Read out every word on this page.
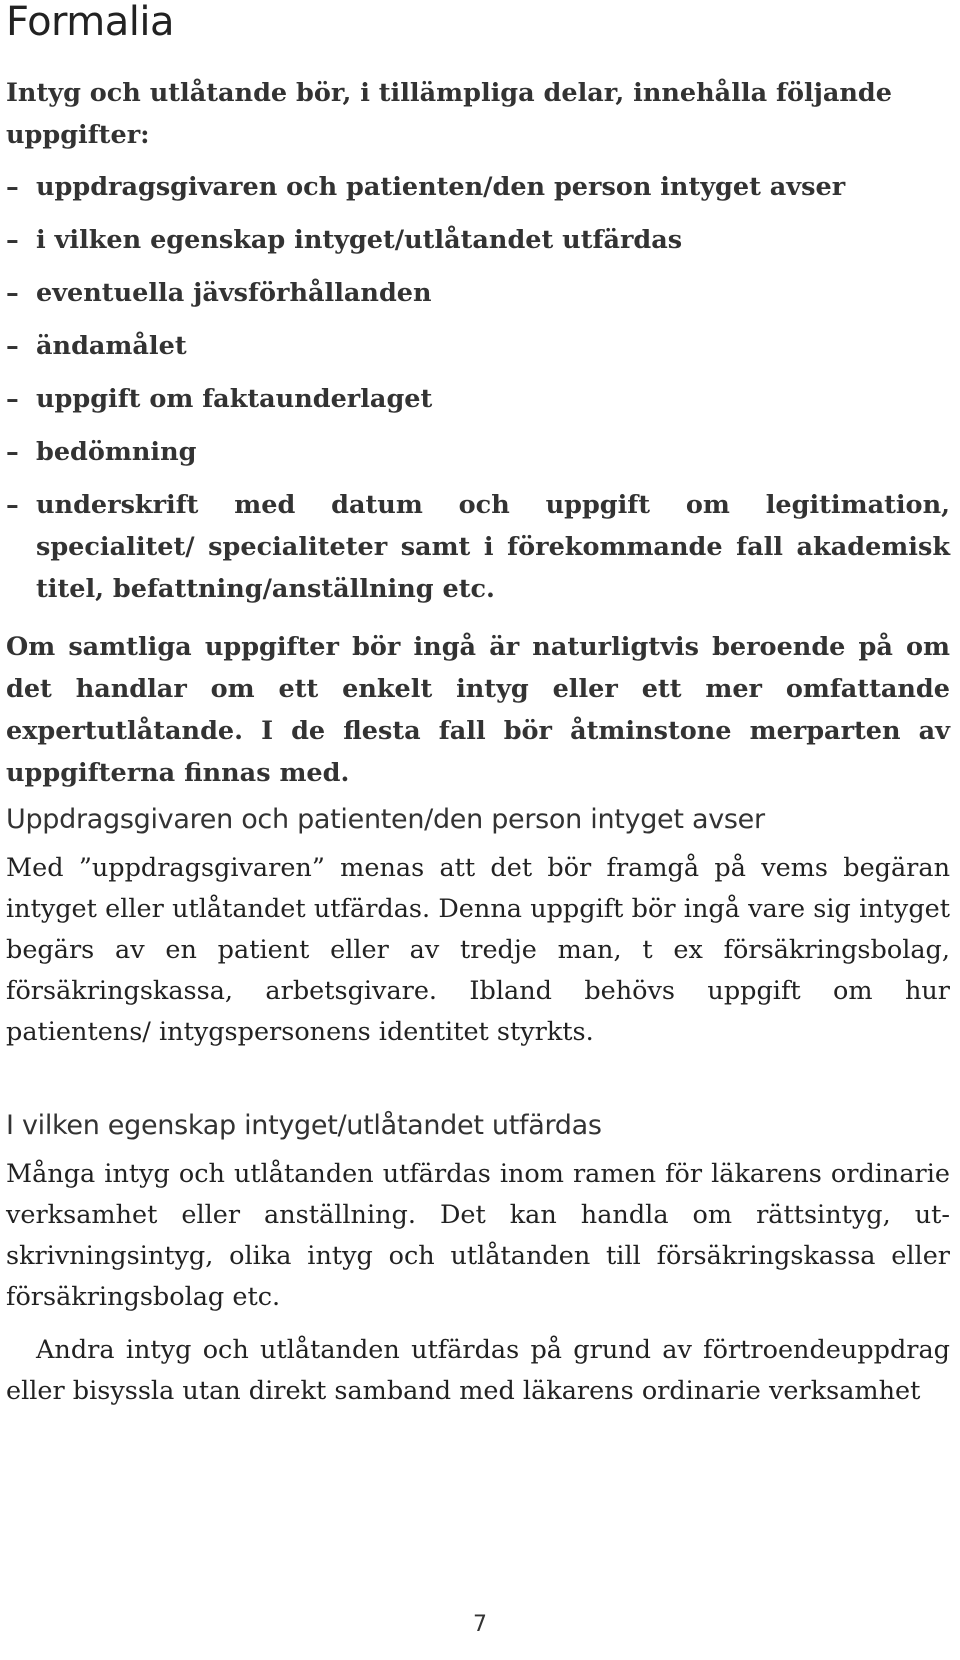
Formalia

Intyg och utlåtande bör, i tillämpliga delar, innehålla följande uppgifter:

– uppdragsgivaren och patienten/den person intyget avser
– i vilken egenskap intyget/utlåtandet utfärdas
– eventuella jävsförhållanden
– ändamålet
– uppgift om faktaunderlaget
– bedömning
– underskrift med datum och uppgift om legitimation, specialitet/ specialiteter samt i förekommande fall akademisk titel, befattning/anställning etc.

Om samtliga uppgifter bör ingå är naturligtvis beroende på om det handlar om ett enkelt intyg eller ett mer omfattande expertutlåtande. I de flesta fall bör åtminstone merparten av uppgifterna finnas med.

Uppdragsgivaren och patienten/den person intyget avser

Med ”uppdragsgivaren” menas att det bör framgå på vems begäran intyget eller utlåtandet utfärdas. Denna uppgift bör ingå vare sig intyget begärs av en patient eller av tredje man, t ex försäkringsbolag, försäkringskassa, arbetsgivare. Ibland behövs uppgift om hur patientens/ intygspersonens identitet styrkts.

I vilken egenskap intyget/utlåtandet utfärdas

Många intyg och utlåtanden utfärdas inom ramen för läkarens ordinarie verksamhet eller anställning. Det kan handla om rättsintyg, utskrivningsintyg, olika intyg och utlåtanden till försäkringskassa eller försäkringsbolag etc.

Andra intyg och utlåtanden utfärdas på grund av förtroendeuppdrag eller bisyssla utan direkt samband med läkarens ordinarie verksamhet

7
